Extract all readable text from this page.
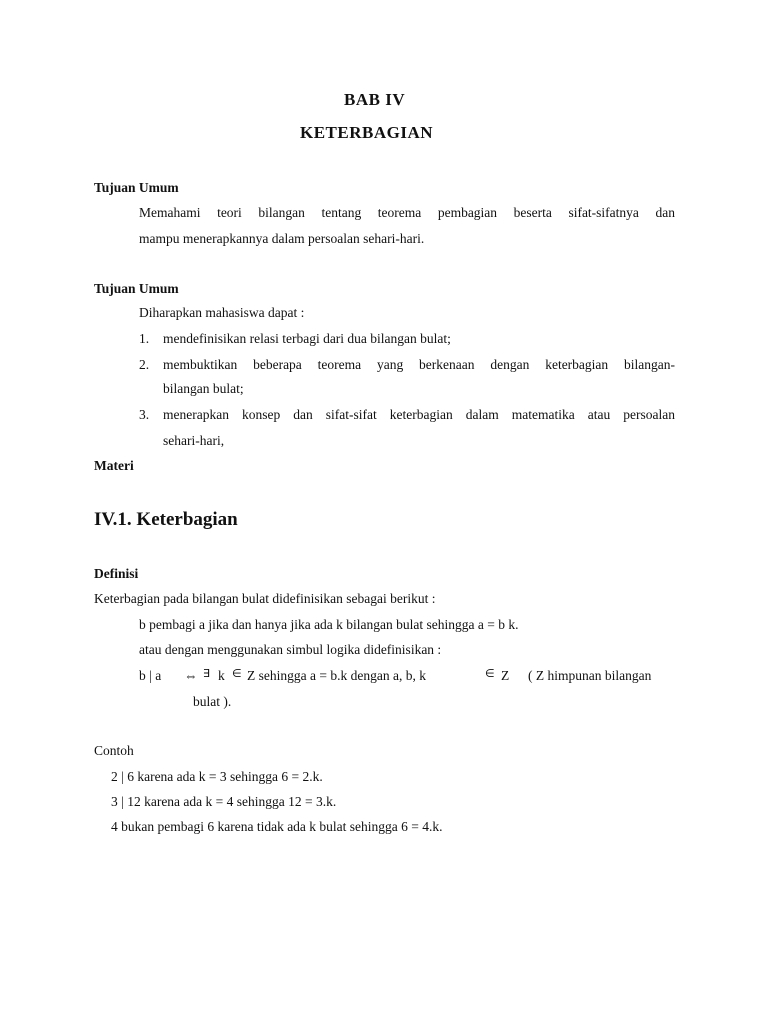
BAB IV
KETERBAGIAN
Tujuan Umum
Memahami teori bilangan tentang teorema pembagian beserta sifat-sifatnya dan
mampu menerapkannya dalam persoalan sehari-hari.
Tujuan Umum
Diharapkan mahasiswa dapat :
1. mendefinisikan relasi terbagi dari dua bilangan bulat;
2. membuktikan beberapa teorema yang berkenaan dengan keterbagian bilangan-
bilangan bulat;
3. menerapkan konsep dan sifat-sifat keterbagian dalam matematika atau persoalan
sehari-hari,
Materi
IV.1. Keterbagian
Definisi
Keterbagian pada bilangan bulat didefinisikan sebagai berikut :
b pembagi a jika dan hanya jika ada k bilangan bulat sehingga a = b k.
atau dengan menggunakan simbul logika didefinisikan :
b | a ⇔ ∃ k ∈ Z sehingga a = b.k dengan a, b, k	∈ Z ( Z himpunan bilangan
bulat ).
Contoh
2 | 6 karena ada k = 3 sehingga 6 = 2.k.
3 | 12 karena ada k = 4 sehingga 12 = 3.k.
4 bukan pembagi 6 karena tidak ada k bulat sehingga 6 = 4.k.
